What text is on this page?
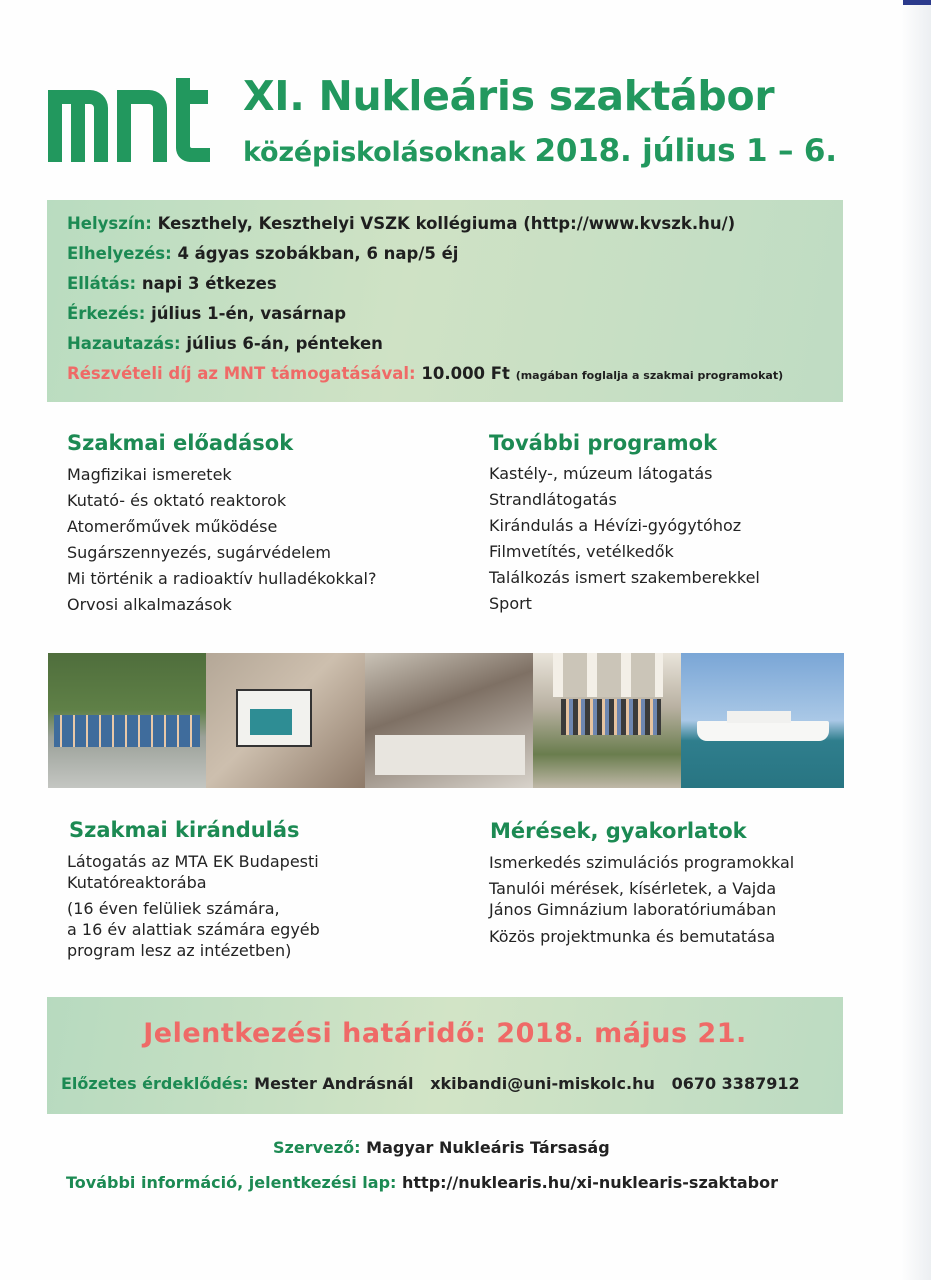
XI. Nukleáris szaktábor
középiskolásoknak 2018. július 1 – 6.
Helyszín: Keszthely, Keszthelyi VSZK kollégiuma (http://www.kvszk.hu/)
Elhelyezés: 4 ágyas szobákban, 6 nap/5 éj
Ellátás: napi 3 étkezes
Érkezés: július 1-én, vasárnap
Hazautazás: július 6-án, pénteken
Részvételi díj az MNT támogatásával: 10.000 Ft (magában foglalja a szakmai programokat)
Szakmai előadások
Magfizikai ismeretek
Kutató- és oktató reaktorok
Atomerőművek működése
Sugárszennyezés, sugárvédelem
Mi történik a radioaktív hulladékokkal?
Orvosi alkalmazások
További programok
Kastély-, múzeum látogatás
Strandlátogatás
Kirándulás a Hévízi-gyógytóhoz
Filmvetítés, vetélkedők
Találkozás ismert szakemberekkel
Sport
Szakmai kirándulás
Látogatás az MTA EK Budapesti
Kutatóreaktorába
(16 éven felüliek számára,
a 16 év alattiak számára egyéb
program lesz az intézetben)
Mérések, gyakorlatok
Ismerkedés szimulációs programokkal
Tanulói mérések, kísérletek, a Vajda
János Gimnázium laboratóriumában
Közös projektmunka és bemutatása
Jelentkezési határidő: 2018. május 21.
Előzetes érdeklődés: Mester Andrásnál   xkibandi@uni-miskolc.hu   0670 3387912
Szervező: Magyar Nukleáris Társaság
További információ, jelentkezési lap: http://nuklearis.hu/xi-nuklearis-szaktabor
